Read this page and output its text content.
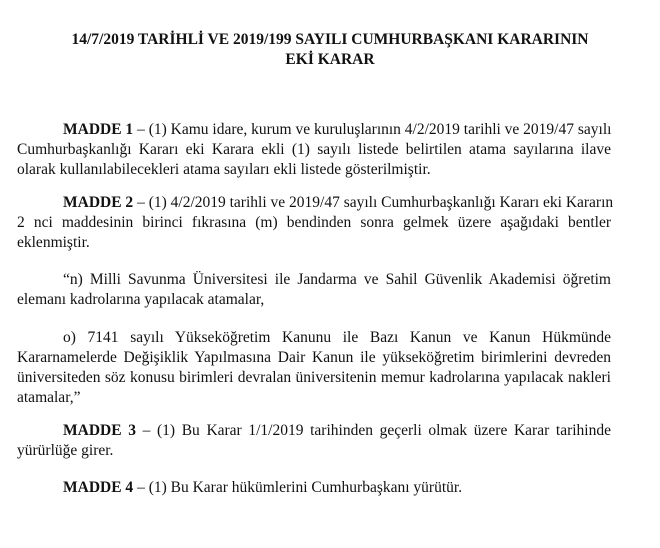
14/7/2019 TARİHLİ VE 2019/199 SAYILI CUMHURBAŞKANI KARARININ
EKİ KARAR
MADDE 1 – (1) Kamu idare, kurum ve kuruluşlarının 4/2/2019 tarihli ve 2019/47 sayılı
Cumhurbaşkanlığı Kararı eki Karara ekli (1) sayılı listede belirtilen atama sayılarına ilave
olarak kullanılabilecekleri atama sayıları ekli listede gösterilmiştir.
MADDE 2 – (1) 4/2/2019 tarihli ve 2019/47 sayılı Cumhurbaşkanlığı Kararı eki Kararın
2 nci maddesinin birinci fıkrasına (m) bendinden sonra gelmek üzere aşağıdaki bentler
eklenmiştir.
“n) Milli Savunma Üniversitesi ile Jandarma ve Sahil Güvenlik Akademisi öğretim
elemanı kadrolarına yapılacak atamalar,
o) 7141 sayılı Yükseköğretim Kanunu ile Bazı Kanun ve Kanun Hükmünde
Kararnamelerde Değişiklik Yapılmasına Dair Kanun ile yükseköğretim birimlerini devreden
üniversiteden söz konusu birimleri devralan üniversitenin memur kadrolarına yapılacak nakleri
atamalar,”
MADDE 3 – (1) Bu Karar 1/1/2019 tarihinden geçerli olmak üzere Karar tarihinde
yürürlüğe girer.
MADDE 4 – (1) Bu Karar hükümlerini Cumhurbaşkanı yürütür.
